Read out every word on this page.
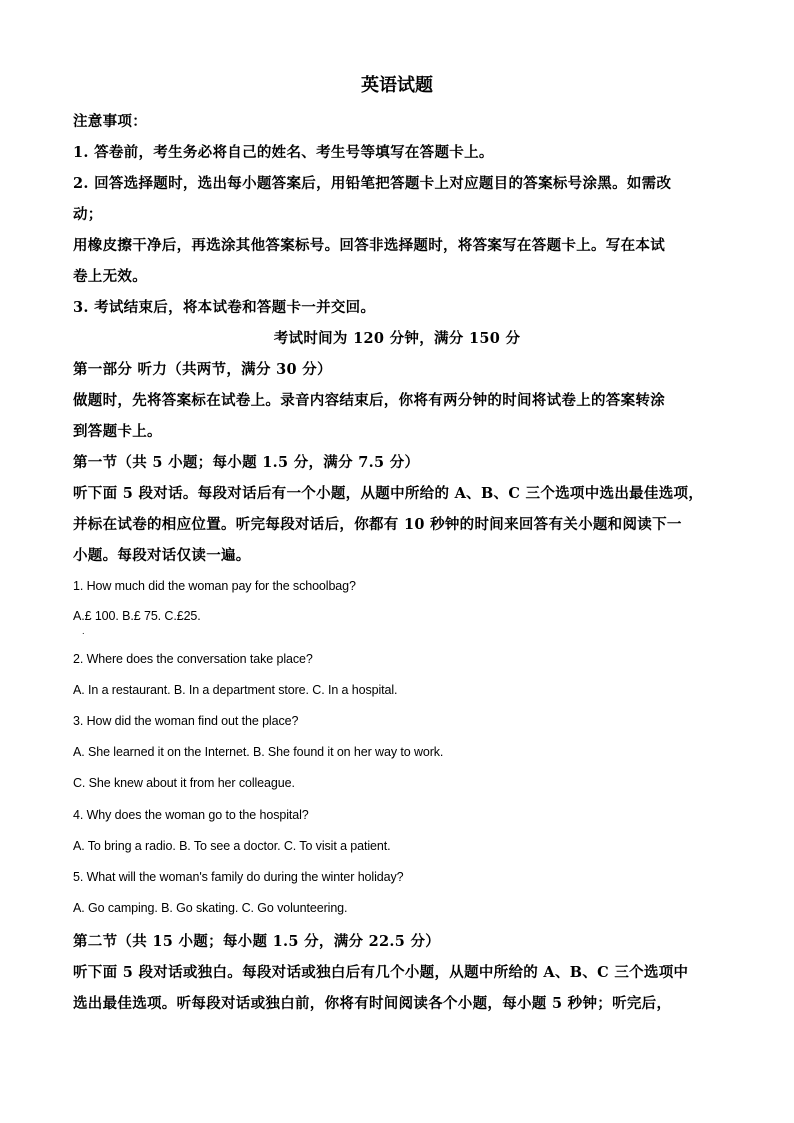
英语试题
注意事项：
1. 答卷前，考生务必将自己的姓名、考生号等填写在答题卡上。
2. 回答选择题时，选出每小题答案后，用铅笔把答题卡上对应题目的答案标号涂黑。如需改
动；
用橡皮擦干净后，再选涂其他答案标号。回答非选择题时，将答案写在答题卡上。写在本试
卷上无效。
3. 考试结束后，将本试卷和答题卡一并交回。
考试时间为 120 分钟，满分 150 分
第一部分 听力（共两节，满分 30 分）
做题时，先将答案标在试卷上。录音内容结束后，你将有两分钟的时间将试卷上的答案转涂
到答题卡上。
第一节（共 5 小题；每小题 1.5 分，满分 7.5 分）
听下面 5 段对话。每段对话后有一个小题，从题中所给的 A、B、C 三个选项中选出最佳选项，
并标在试卷的相应位置。听完每段对话后，你都有 10 秒钟的时间来回答有关小题和阅读下一
小题。每段对话仅读一遍。
1. How much did the woman pay for the schoolbag?
A.£ 100. B.£ 75. C.£25.
.
2. Where does the conversation take place?
A. In a restaurant. B. In a department store. C. In a hospital.
3. How did the woman find out the place?
A. She learned it on the Internet. B. She found it on her way to work.
C. She knew about it from her colleague.
4. Why does the woman go to the hospital?
A. To bring a radio. B. To see a doctor. C. To visit a patient.
5. What will the woman's family do during the winter holiday?
A. Go camping. B. Go skating. C. Go volunteering.
第二节（共 15 小题；每小题 1.5 分，满分 22.5 分）
听下面 5 段对话或独白。每段对话或独白后有几个小题，从题中所给的 A、B、C 三个选项中
选出最佳选项。听每段对话或独白前，你将有时间阅读各个小题，每小题 5 秒钟；听完后，
